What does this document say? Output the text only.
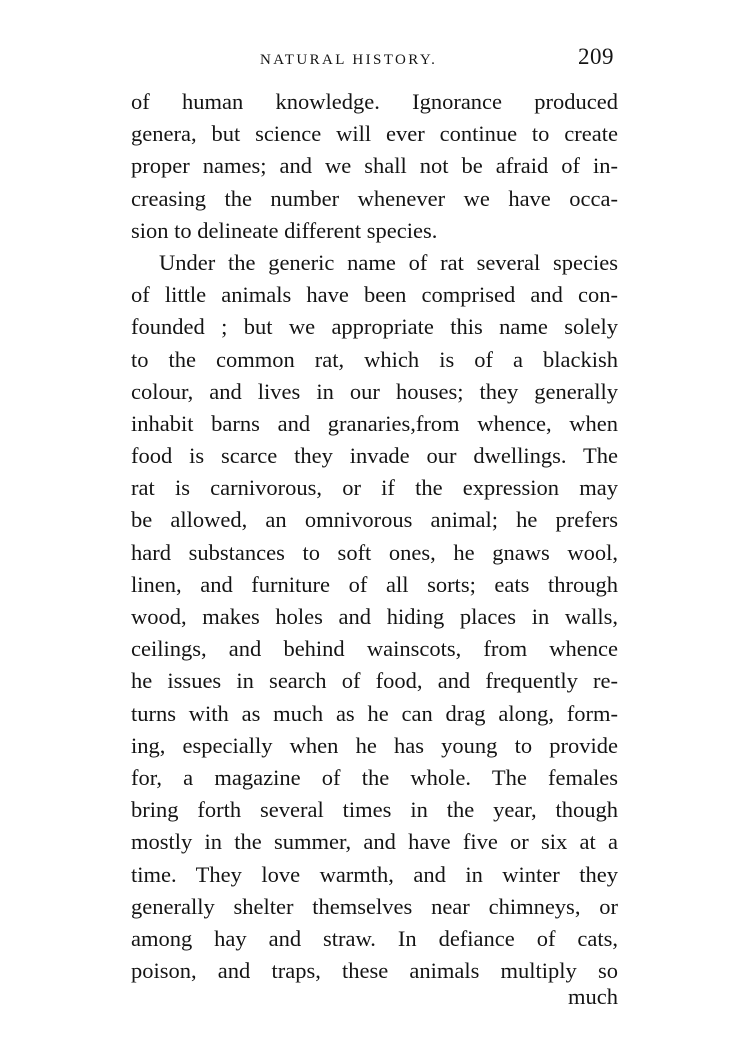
NATURAL HISTORY.	209
of human knowledge. Ignorance produced
genera, but science will ever continue to create
proper names; and we shall not be afraid of in-
creasing the number whenever we have occa-
sion to delineate different species.
Under the generic name of rat several species
of little animals have been comprised and con-
founded ; but we appropriate this name solely
to the common rat, which is of a blackish
colour, and lives in our houses; they generally
inhabit barns and granaries,from whence, when
food is scarce they invade our dwellings. The
rat is carnivorous, or if the expression may
be allowed, an omnivorous animal; he prefers
hard substances to soft ones, he gnaws wool,
linen, and furniture of all sorts; eats through
wood, makes holes and hiding places in walls,
ceilings, and behind wainscots, from whence
he issues in search of food, and frequently re-
turns with as much as he can drag along, form-
ing, especially when he has young to provide
for, a magazine of the whole. The females
bring forth several times in the year, though
mostly in the summer, and have five or six at a
time. They love warmth, and in winter they
generally shelter themselves near chimneys, or
among hay and straw. In defiance of cats,
poison, and traps, these animals multiply so
much
